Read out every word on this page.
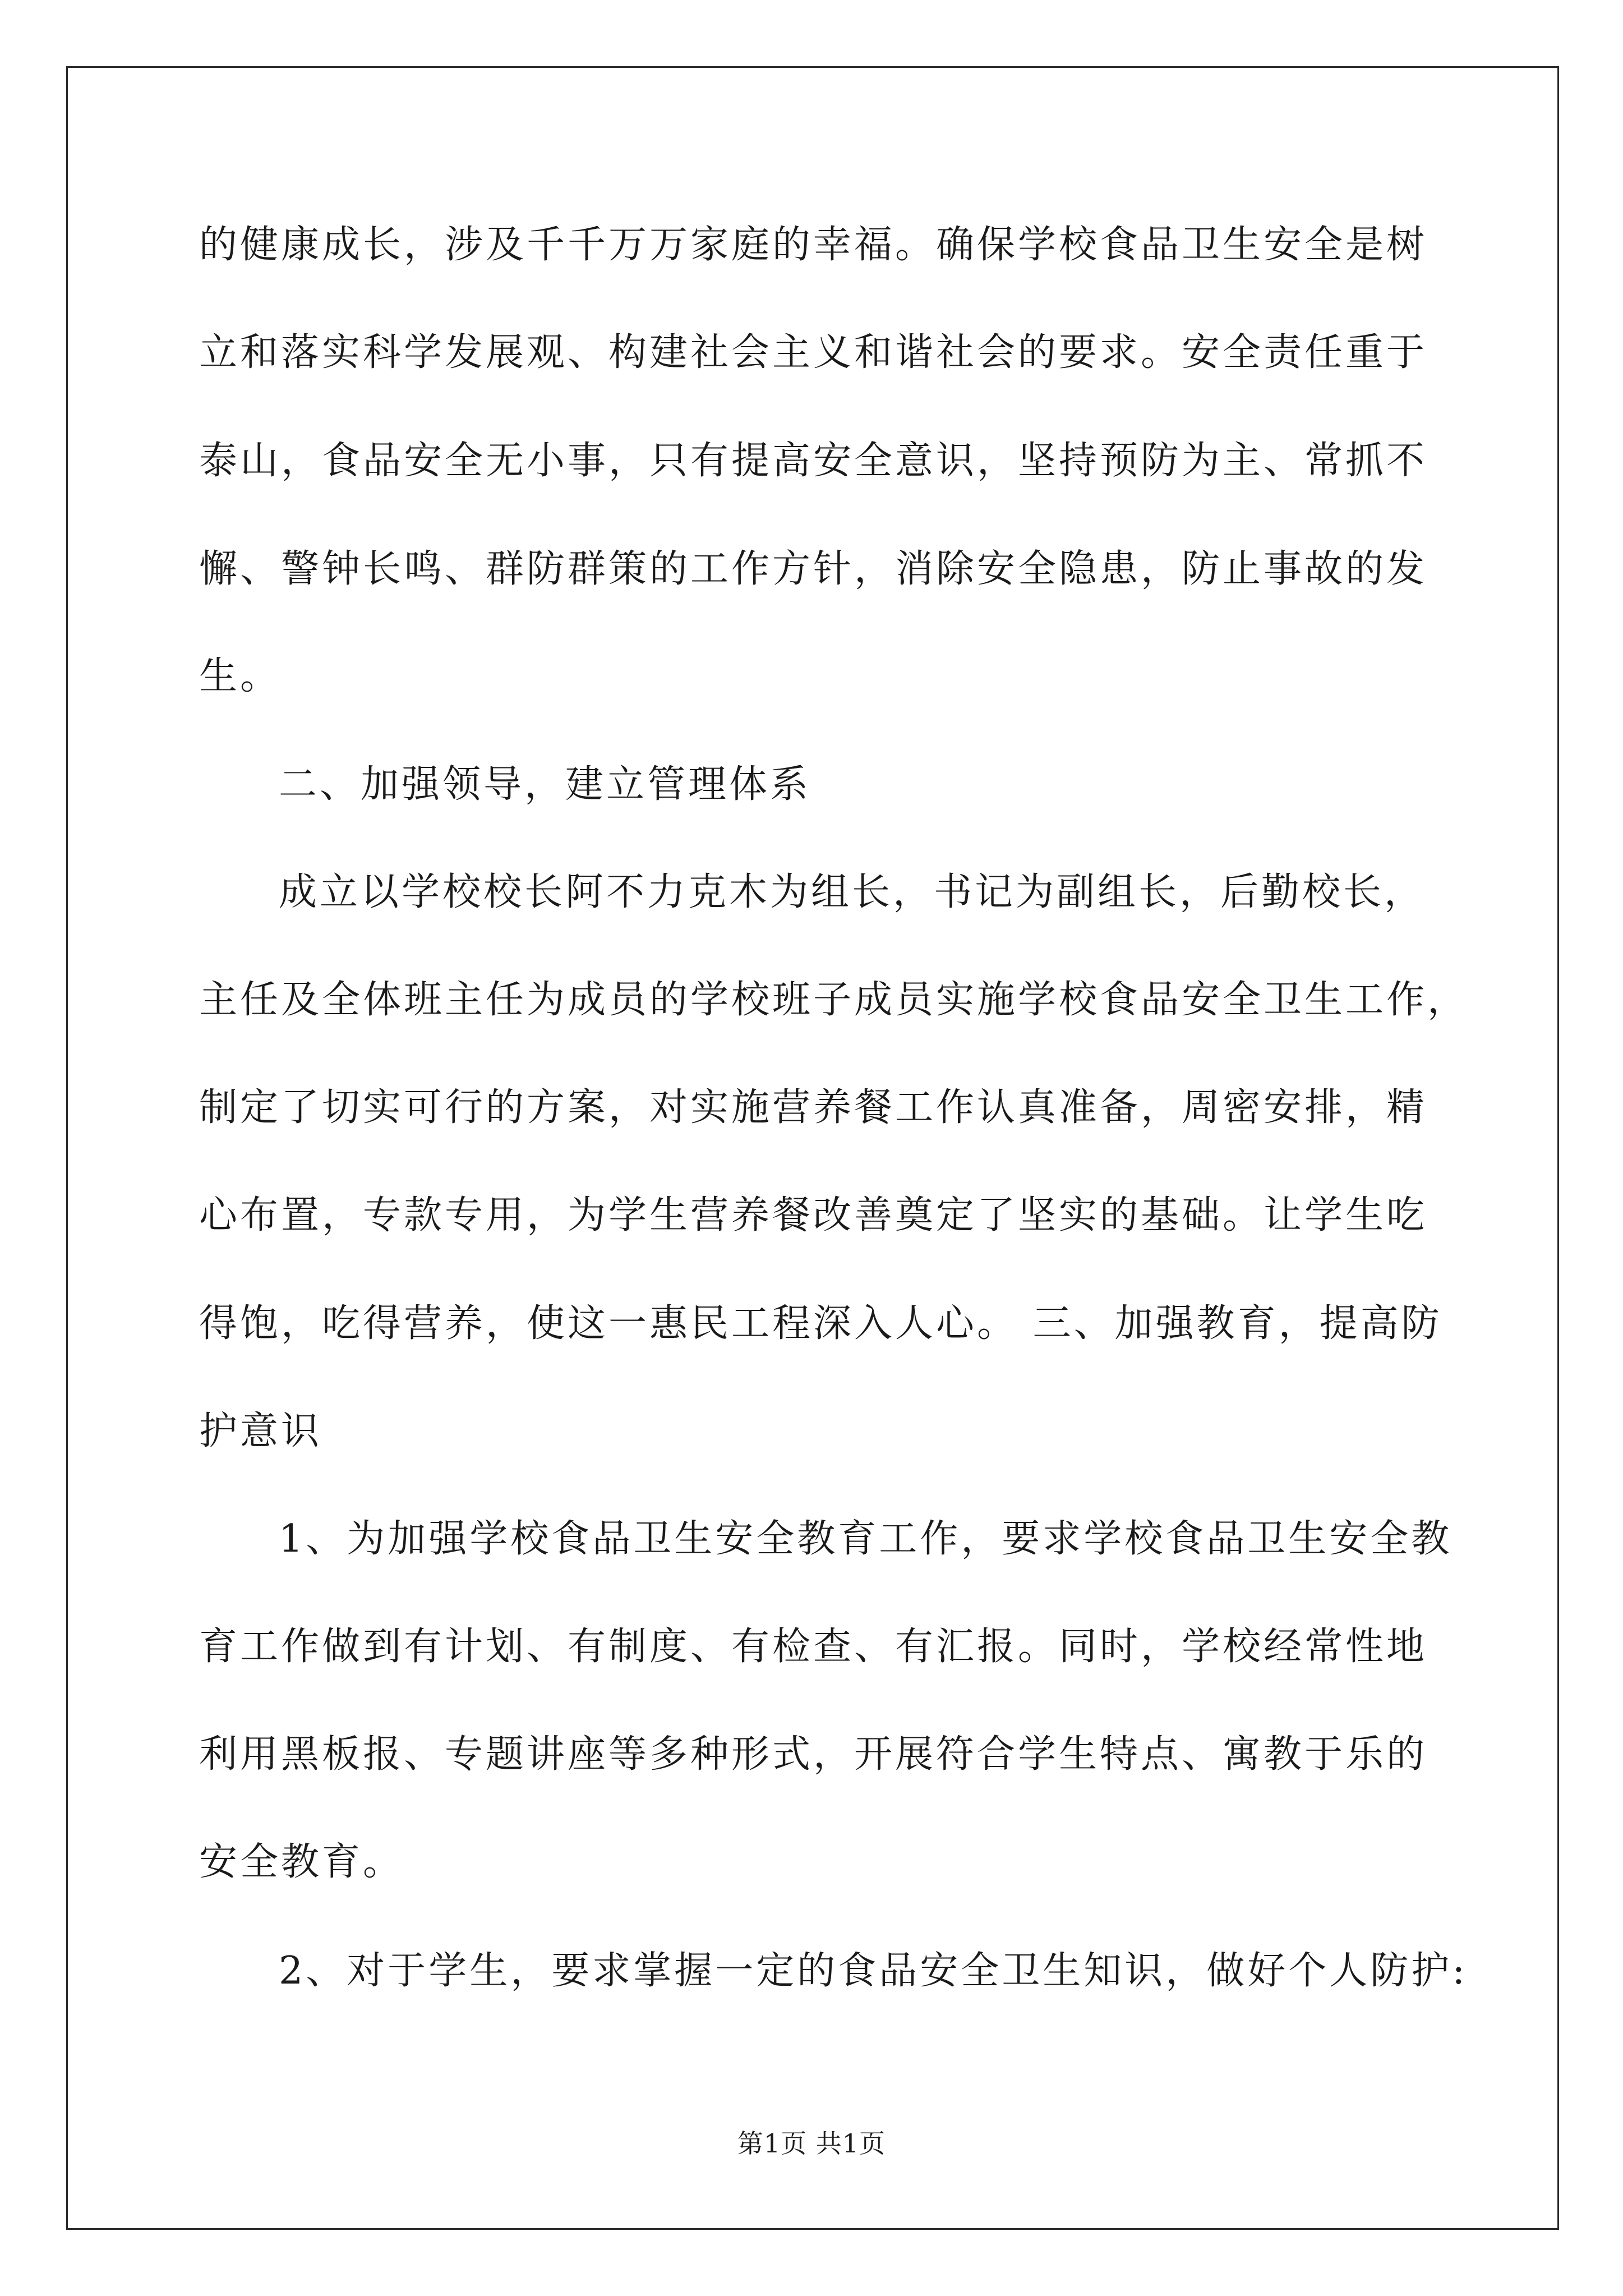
的健康成长，涉及千千万万家庭的幸福。确保学校食品卫生安全是树
立和落实科学发展观、构建社会主义和谐社会的要求。安全责任重于
泰山，食品安全无小事，只有提高安全意识，坚持预防为主、常抓不
懈、警钟长鸣、群防群策的工作方针，消除安全隐患，防止事故的发
生。
二、加强领导，建立管理体系
成立以学校校长阿不力克木为组长，书记为副组长，后勤校长，
主任及全体班主任为成员的学校班子成员实施学校食品安全卫生工作，
制定了切实可行的方案，对实施营养餐工作认真准备，周密安排，精
心布置，专款专用，为学生营养餐改善奠定了坚实的基础。让学生吃
得饱，吃得营养，使这一惠民工程深入人心。 三、加强教育，提高防
护意识
1、为加强学校食品卫生安全教育工作，要求学校食品卫生安全教
育工作做到有计划、有制度、有检查、有汇报。同时，学校经常性地
利用黑板报、专题讲座等多种形式，开展符合学生特点、寓教于乐的
安全教育。
2、对于学生，要求掌握一定的食品安全卫生知识，做好个人防护:
第1页 共1页
